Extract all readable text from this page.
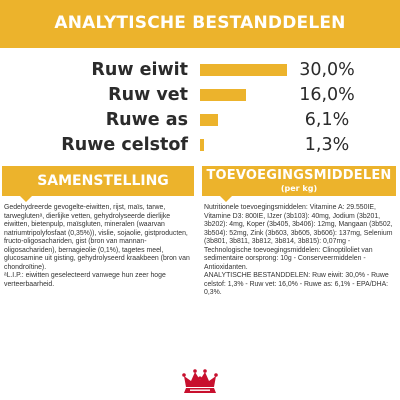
ANALYTISCHE BESTANDDELEN
Ruw eiwit	30,0%
Ruw vet	16,0%
Ruwe as	6,1%
Ruwe celstof	1,3%
SAMENSTELLING	TOEVOEGINGSMIDDELEN
(per kg)
Gedehydreerde gevogelte-eiwitten, rijst, maïs, tarwe, tarweglutenᵃ, dierlijke vetten, gehydrolyseerde dierlijke eiwitten, bietenpulp, maïsgluten, mineralen (waarvan natriumtripolyfosfaat (0,35%)), vislie, sojaolie, gistproducten, fructo-oligosachariden, gist (bron van mannan-oligosachariden), bernagieolie (0,1%), tagetes meel, glucosamine uit gisting, gehydrolyseerd kraakbeen (bron van chondroïtine).
ᵃL.I.P.: eiwitten geselecteerd vanwege hun zeer hoge verteerbaarheid.
Nutritionele toevoegingsmiddelen: Vitamine A: 29.550IE, Vitamine D3: 800IE, IJzer (3b103): 40mg, Jodium (3b201, 3b202): 4mg, Koper (3b405, 3b406): 12mg, Mangaan (3b502, 3b504): 52mg, Zink (3b603, 3b605, 3b606): 137mg, Selenium (3b801, 3b811, 3b812, 3b814, 3b815): 0,07mg - Technologische toevoegingsmiddelen: Clinoptiloliet van sedimentaire oorsprong: 10g - Conserveermiddelen - Antioxidanten.
ANALYTISCHE BESTANDDELEN: Ruw eiwit: 30,0% - Ruwe celstof: 1,3% - Ruw vet: 16,0% - Ruwe as: 6,1% - EPA/DHA: 0,3%.
